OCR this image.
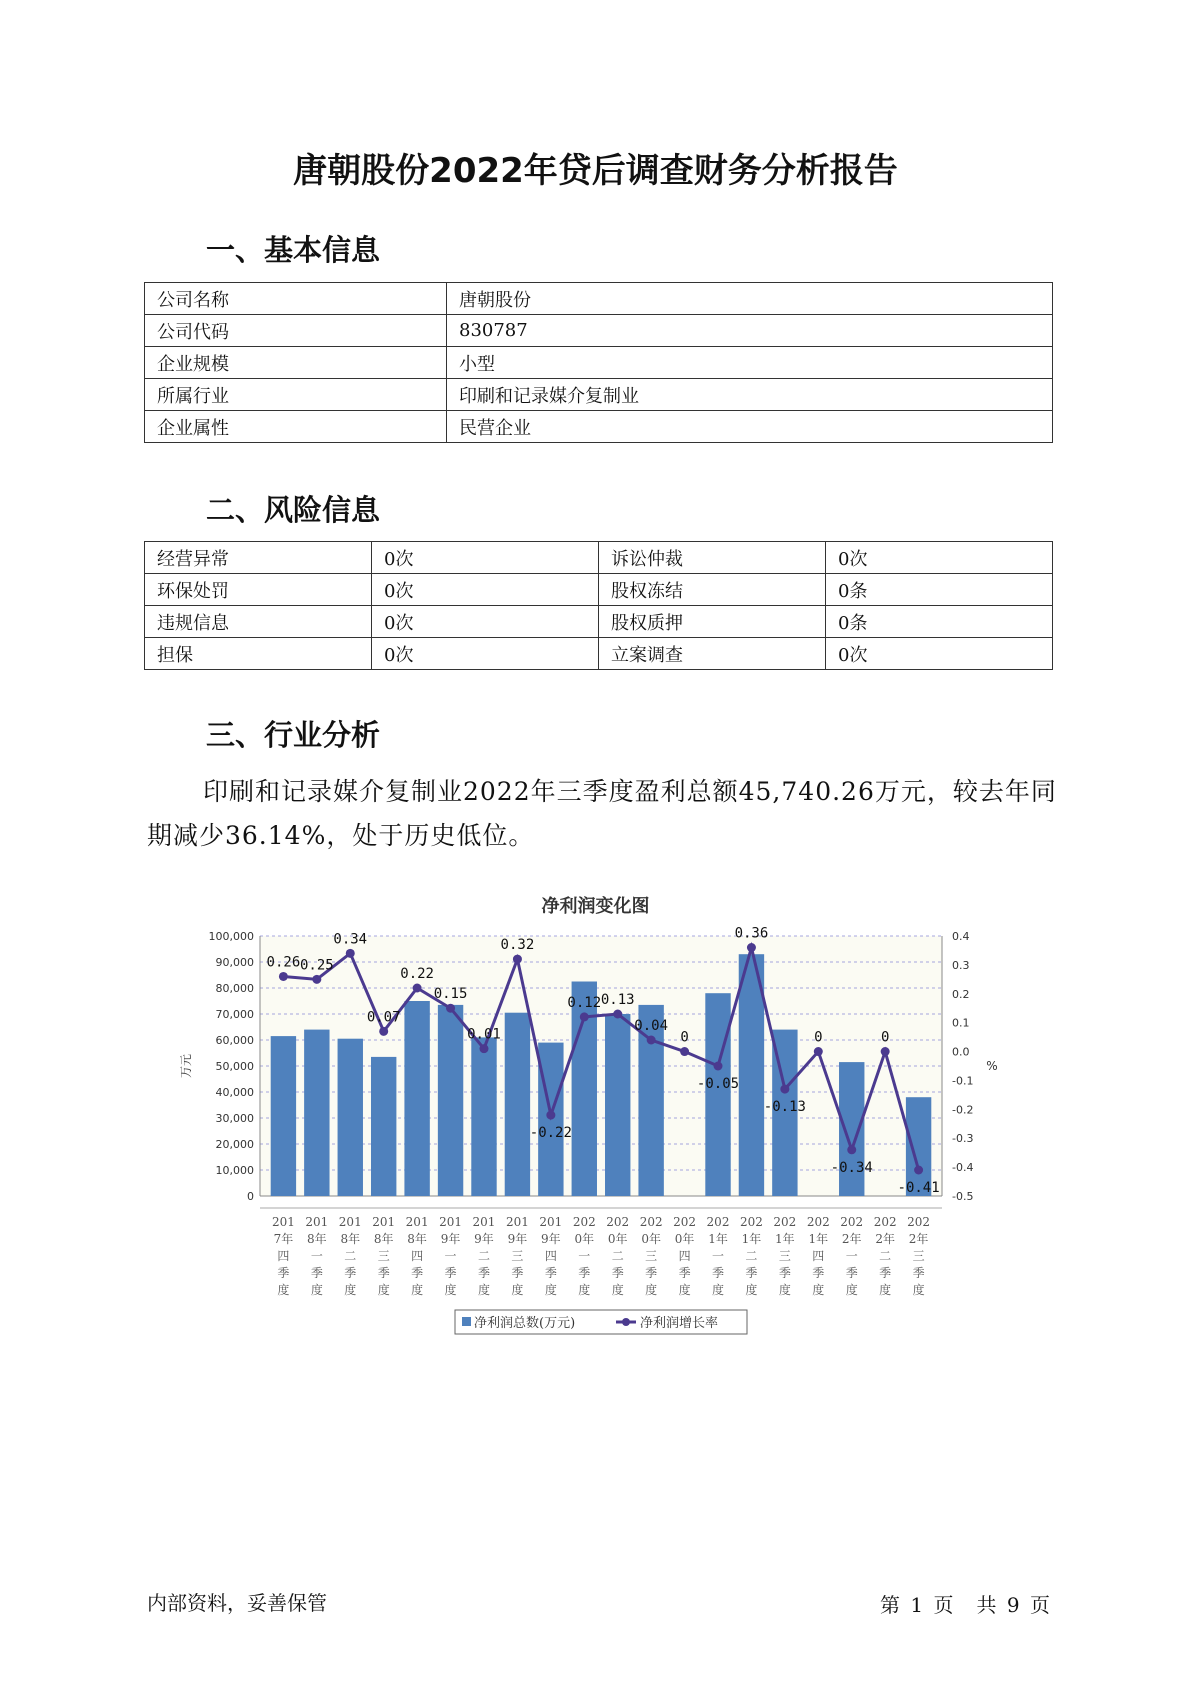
唐朝股份2022年贷后调查财务分析报告
一、基本信息
公司名称	唐朝股份
公司代码	830787
企业规模	小型
所属行业	印刷和记录媒介复制业
企业属性	民营企业
二、风险信息
经营异常	0次	诉讼仲裁	0次
环保处罚	0次	股权冻结	0条
违规信息	0次	股权质押	0条
担保	0次	立案调查	0次
三、行业分析
印刷和记录媒介复制业2022年三季度盈利总额45,740.26万元，较去年同期减少36.14%，处于历史低位。
净利润变化图
0
10,000
20,000
30,000
40,000
50,000
60,000
70,000
80,000
90,000
100,000
-0.5
-0.4
-0.3
-0.2
-0.1
0.0
0.1
0.2
0.3
0.4
万元	%
0.26 0.25
0.34
0.07
0.22
0.15
0.01
0.32
-0.22
0.12 0.13
0.04
0
-0.05
0.36
-0.13
0
-0.34
0
-0.41
201
7年
四
季
度
201
8年
一
季
度
201
8年
二
季
度
201
8年
三
季
度
201
8年
四
季
度
201
9年
一
季
度
201
9年
二
季
度
201
9年
三
季
度
201
9年
四
季
度
202
0年
一
季
度
202
0年
二
季
度
202
0年
三
季
度
202
0年
四
季
度
202
1年
一
季
度
202
1年
二
季
度
202
1年
三
季
度
202
1年
四
季
度
202
2年
一
季
度
202
2年
二
季
度
202
2年
三
季
度
净利润总数(万元)	净利润增长率
内部资料，妥善保管	第 1 页 共 9 页
